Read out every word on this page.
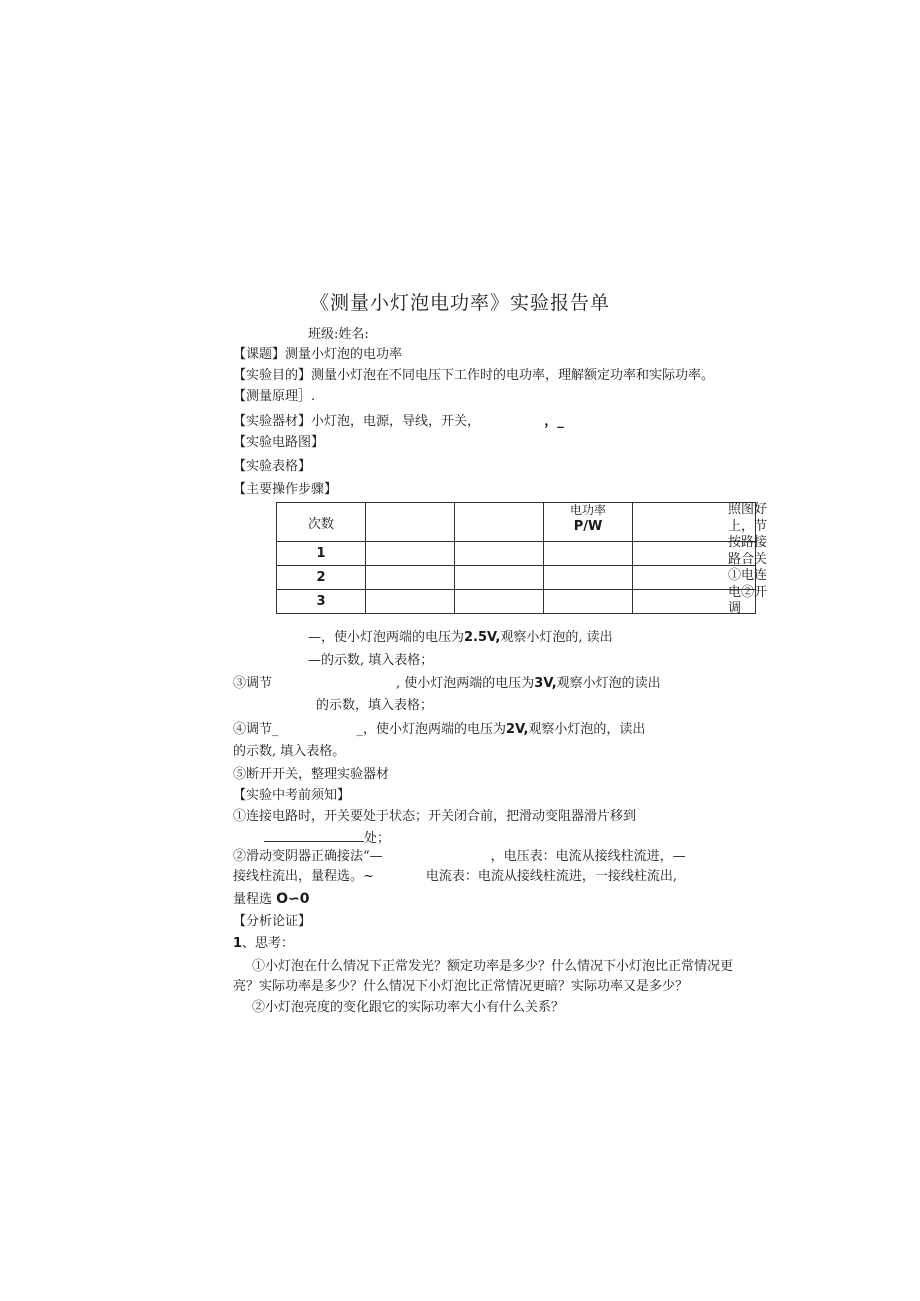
《测量小灯泡电功率》实验报告单
班级:姓名:
【课题】测量小灯泡的电功率
【实验目的】测量小灯泡在不同电压下工作时的电功率，理解额定功率和实际功率。
【测量原理］.
【实验器材】小灯泡，电源，导线，开关，	，_
【实验电路图】
【实验表格】
【主要操作步骤】
次数			电功率
P/W	

1				
2				
3				
照图好
上，节
按路接
路合关
①电连
电②开
调
—，使小灯泡两端的电压为2.5V,观察小灯泡的, 读出
—的示数, 填入表格；
③调节	, 使小灯泡两端的电压为3V,观察小灯泡的读出
的示数，填入表格；
④调节_	_，使小灯泡两端的电压为2V,观察小灯泡的，读出
的示数, 填入表格。
⑤断开开关，整理实验器材
【实验中考前须知】
①连接电路时，开关要处于状态；开关闭合前，把滑动变阻器滑片移到
处；
②滑动变阴器正确接法“—	，电压表：电流从接线柱流进，—
接线柱流出，量程选。~	电流表：电流从接线柱流进，一接线柱流出,
量程选 O∽0
【分析论证】
1、思考：
①小灯泡在什么情况下正常发光？额定功率是多少？什么情况下小灯泡比正常情况更
亮？实际功率是多少？什么情况下小灯泡比正常情况更暗？实际功率又是多少？
②小灯泡亮度的变化跟它的实际功率大小有什么关系？
